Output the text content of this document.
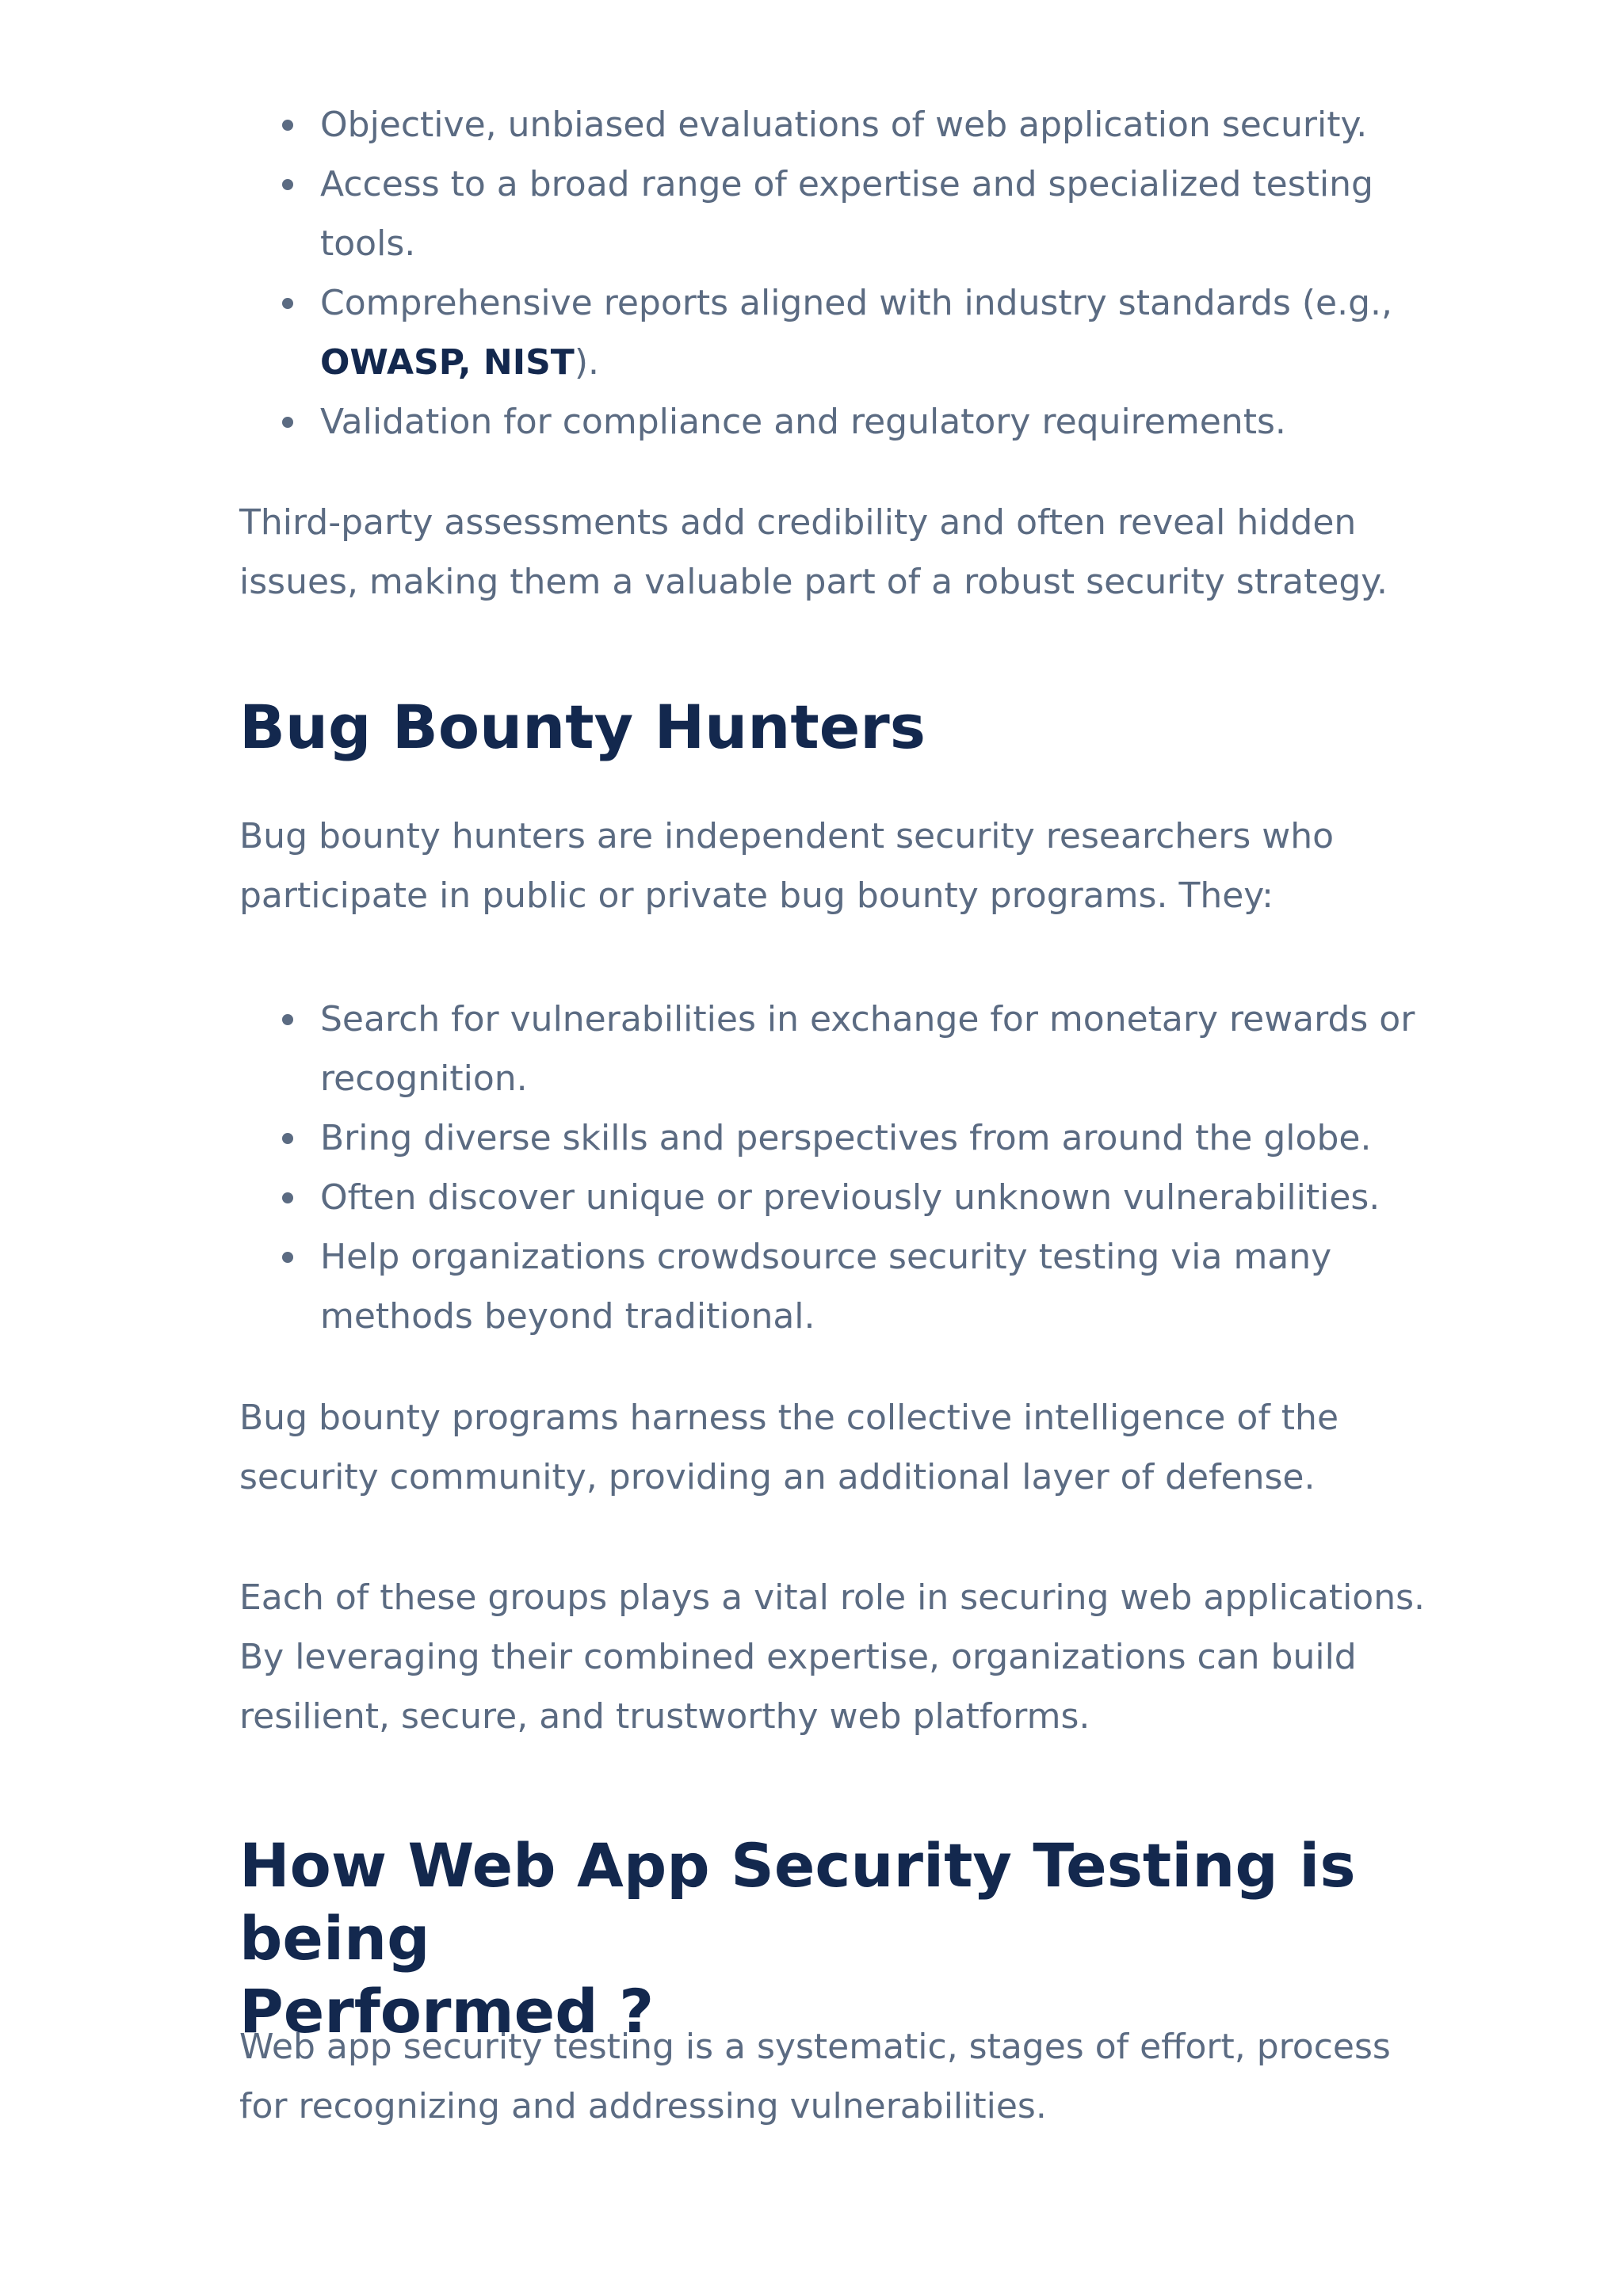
Objective, unbiased evaluations of web application security.
Access to a broad range of expertise and specialized testing tools.
Comprehensive reports aligned with industry standards (e.g., OWASP, NIST).
Validation for compliance and regulatory requirements.

Third-party assessments add credibility and often reveal hidden issues, making them a valuable part of a robust security strategy.

Bug Bounty Hunters

Bug bounty hunters are independent security researchers who participate in public or private bug bounty programs. They:

Search for vulnerabilities in exchange for monetary rewards or recognition.
Bring diverse skills and perspectives from around the globe.
Often discover unique or previously unknown vulnerabilities.
Help organizations crowdsource security testing via many methods beyond traditional.

Bug bounty programs harness the collective intelligence of the security community, providing an additional layer of defense.

Each of these groups plays a vital role in securing web applications. By leveraging their combined expertise, organizations can build resilient, secure, and trustworthy web platforms.

How Web App Security Testing is being
Performed ?

Web app security testing is a systematic, stages of effort, process for recognizing and addressing vulnerabilities.
